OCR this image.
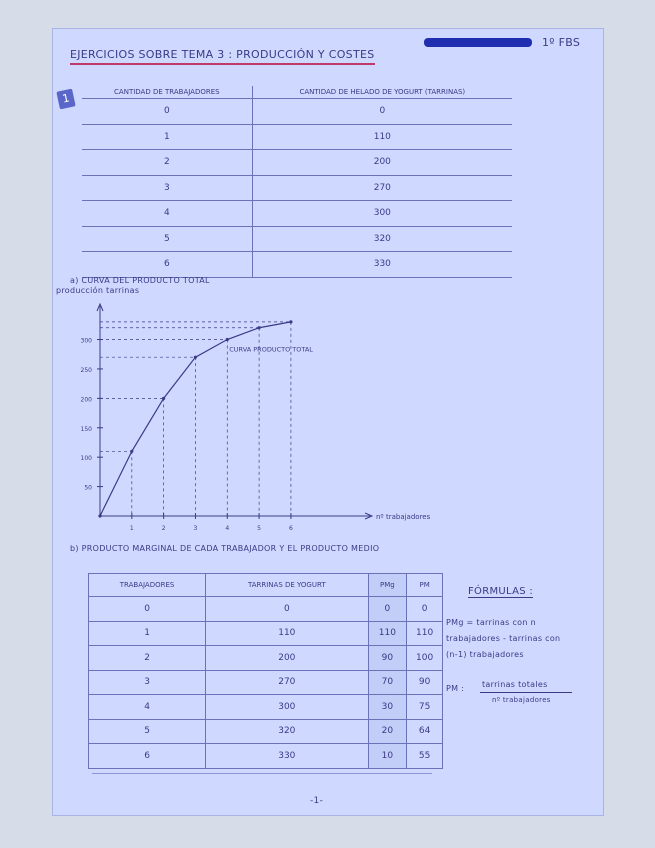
1º FBS
EJERCICIOS SOBRE TEMA 3 : PRODUCCIÓN Y COSTES
1	CANTIDAD DE TRABAJADORES	CANTIDAD DE HELADO DE YOGURT (TARRINAS)
0	0
1	110
2	200
3	270
4	300
5	320
6	330
a) CURVA DEL PRODUCTO TOTAL
producción tarrinas
50
100
150
200
250
300
1	2	3	4	5	6
CURVA PRODUCTO TOTAL
nº trabajadores
b) PRODUCTO MARGINAL DE CADA TRABAJADOR Y EL PRODUCTO MEDIO
TRABAJADORES	TARRINAS DE YOGURT	PMg	PM
0	0	0	0
1	110	110	110
2	200	90	100
3	270	70	90
4	300	30	75
5	320	20	64
6	330	10	55
FÓRMULAS :
PMg = tarrinas con n
trabajadores - tarrinas con
(n-1) trabajadores
PM : tarrinas totales
nº trabajadores
-1-
